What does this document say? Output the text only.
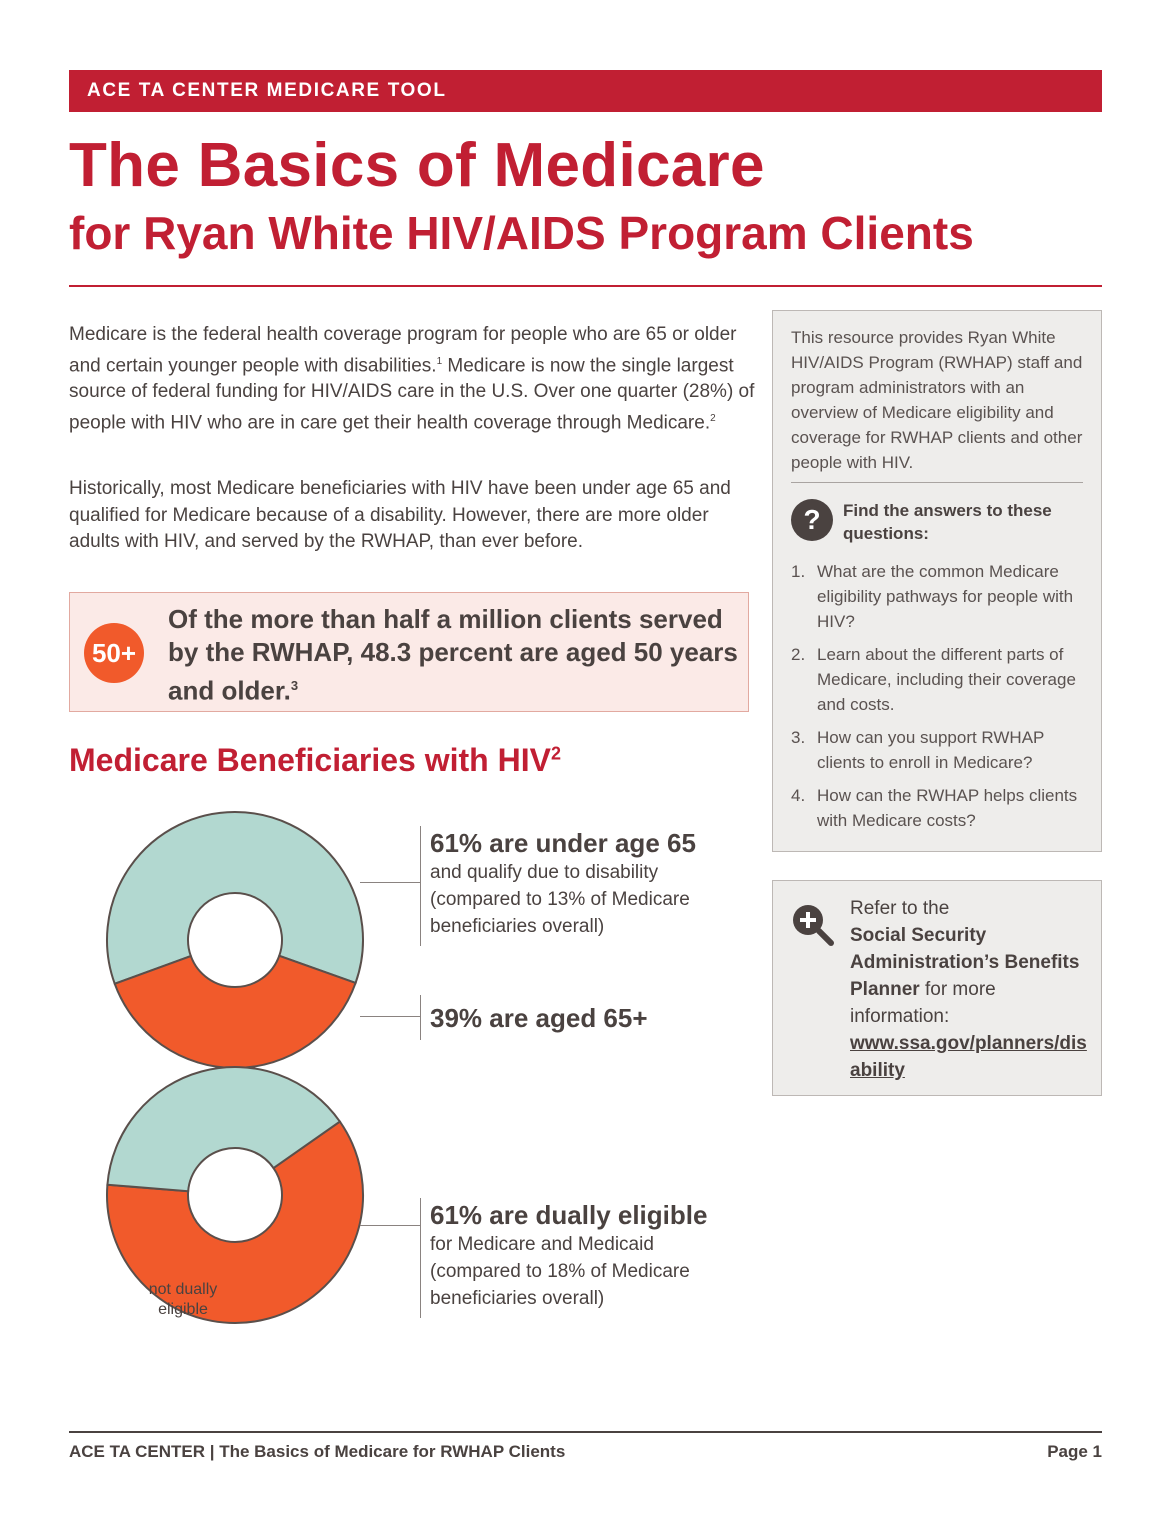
ACE TA CENTER MEDICARE TOOL
The Basics of Medicare
for Ryan White HIV/AIDS Program Clients

Medicare is the federal health coverage program for people who are 65 or older and certain younger people with disabilities.$^1$ Medicare is now the single largest source of federal funding for HIV/AIDS care in the U.S. Over one quarter (28%) of people with HIV who are in care get their health coverage through Medicare.$^2$

Historically, most Medicare beneficiaries with HIV have been under age 65 and qualified for Medicare because of a disability. However, there are more older adults with HIV, and served by the RWHAP, than ever before.

50+
Of the more than half a million clients served by the RWHAP, 48.3 percent are aged 50 years and older.$^3$
Medicare Beneficiaries with HIV$^2$
61% are under age 65
and qualify due to disability
(compared to 13% of Medicare
beneficiaries overall)
39% are aged 65+
61% are dually eligible
for Medicare and Medicaid
(compared to 18% of Medicare
beneficiaries overall)
not dually
eligible
This resource provides Ryan White HIV/AIDS Program (RWHAP) staff and program administrators with an overview of Medicare eligibility and coverage for RWHAP clients and other people with HIV.
?	Find the answers to these questions:
1. What are the common Medicare eligibility pathways for people with HIV?
2. Learn about the different parts of Medicare, including their coverage and costs.
3. How can you support RWHAP clients to enroll in Medicare?
4. How can the RWHAP helps clients with Medicare costs?
Refer to the
Social Security Administration’s Benefits Planner for more information:
www.ssa.gov/planners/disability
ACE TA CENTER | The Basics of Medicare for RWHAP Clients	Page 1
